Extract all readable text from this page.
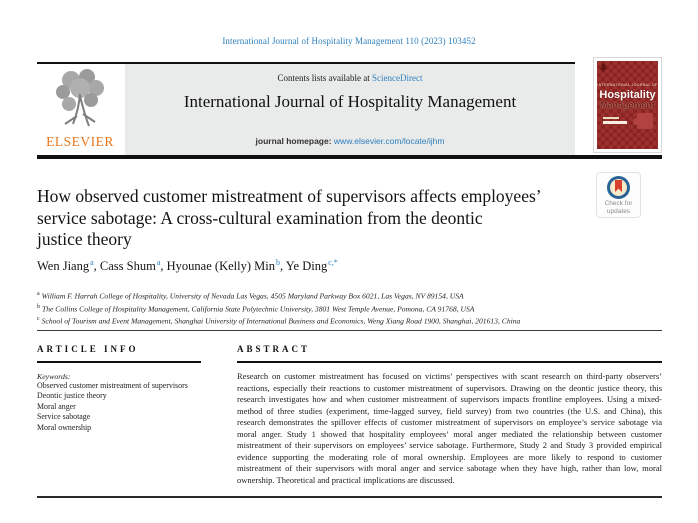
International Journal of Hospitality Management 110 (2023) 103452
ELSEVIER
Contents lists available at ScienceDirect
International Journal of Hospitality Management
journal homepage: www.elsevier.com/locate/ijhm
INTERNATIONAL JOURNAL OF
Hospitality
Management
Check for updates
How observed customer mistreatment of supervisors affects employees’
service sabotage: A cross-cultural examination from the deontic
justice theory
Wen Jiang$^a$, Cass Shum$^a$, Hyounae (Kelly) Min$^b$, Ye Ding$^{c,*}$
$^a$ William F. Harrah College of Hospitality, University of Nevada Las Vegas, 4505 Maryland Parkway Box 6021, Las Vegas, NV 89154, USA
$^b$ The Collins College of Hospitality Management, California State Polytechnic University, 3801 West Temple Avenue, Pomona, CA 91768, USA
$^c$ School of Tourism and Event Management, Shanghai University of International Business and Economics, Weng Xiang Road 1900, Shanghai, 201613, China
ARTICLE INFO
Keywords:
Observed customer mistreatment of supervisors
Deontic justice theory
Moral anger
Service sabotage
Moral ownership
ABSTRACT
Research on customer mistreatment has focused on victims’ perspectives with scant research on third-party observers’ reactions, especially their reactions to customer mistreatment of supervisors. Drawing on the deontic justice theory, this research investigates how and when customer mistreatment of supervisors impacts frontline employees. Using a mixed-method of three studies (experiment, time-lagged survey, field survey) from two countries (the U.S. and China), this research demonstrates the spillover effects of customer mistreatment of supervisors on employee’s service sabotage via moral anger. Study 1 showed that hospitality employees’ moral anger mediated the relationship between customer mistreatment of their supervisors on employees’ service sabotage. Furthermore, Study 2 and Study 3 provided empirical evidence supporting the moderating role of moral ownership. Employees are more likely to respond to customer mistreatment of their supervisors with moral anger and service sabotage when they have high, rather than low, moral ownership. Theoretical and practical implications are discussed.
